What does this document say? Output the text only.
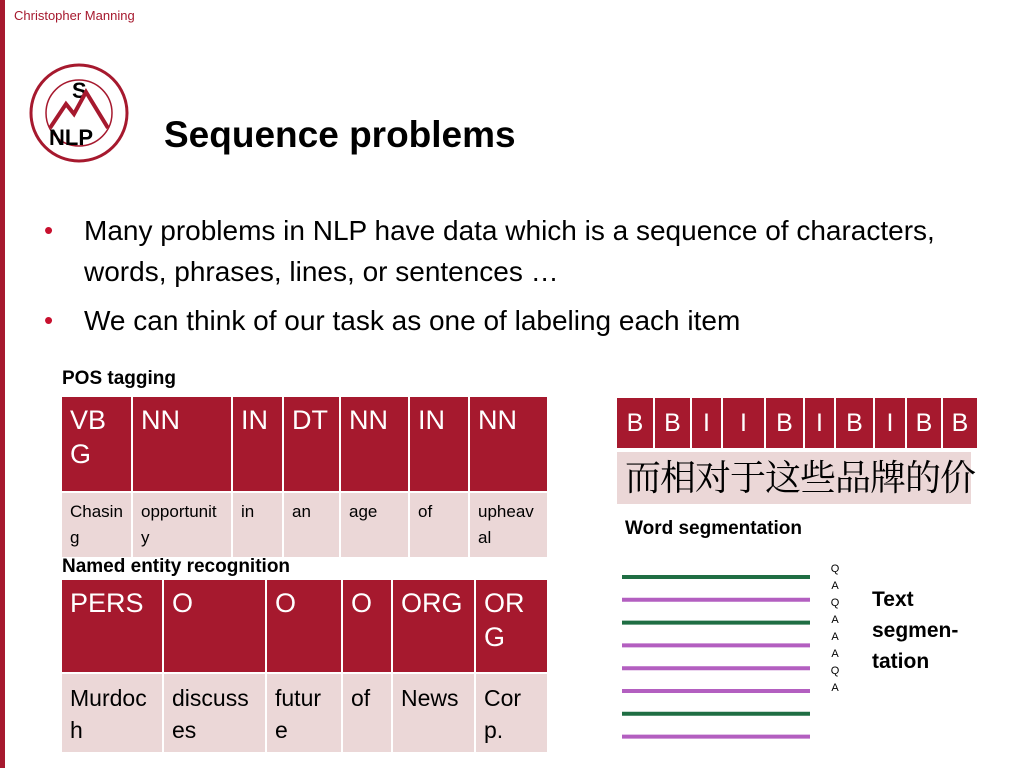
Christopher Manning
S
NLP Sequence problems
• Many problems in NLP have data which is a sequence of characters, words, phrases, lines, or sentences …
• We can think of our task as one of labeling each item
POS tagging
VBG	NN	IN	DT	NN	IN	NN
Chasing	opportunity	in	an	age	of	upheaval
Named entity recognition
PERS	O	O	O	ORG	ORG
Murdoch	discusses	future	of	News	Corp.
B	B	I	I	B	I	B	I	B	B
而相对于这些品牌的价
Word segmentation
Q
A
Q
A
A
A
Q
A
Text
segmen-
tation
